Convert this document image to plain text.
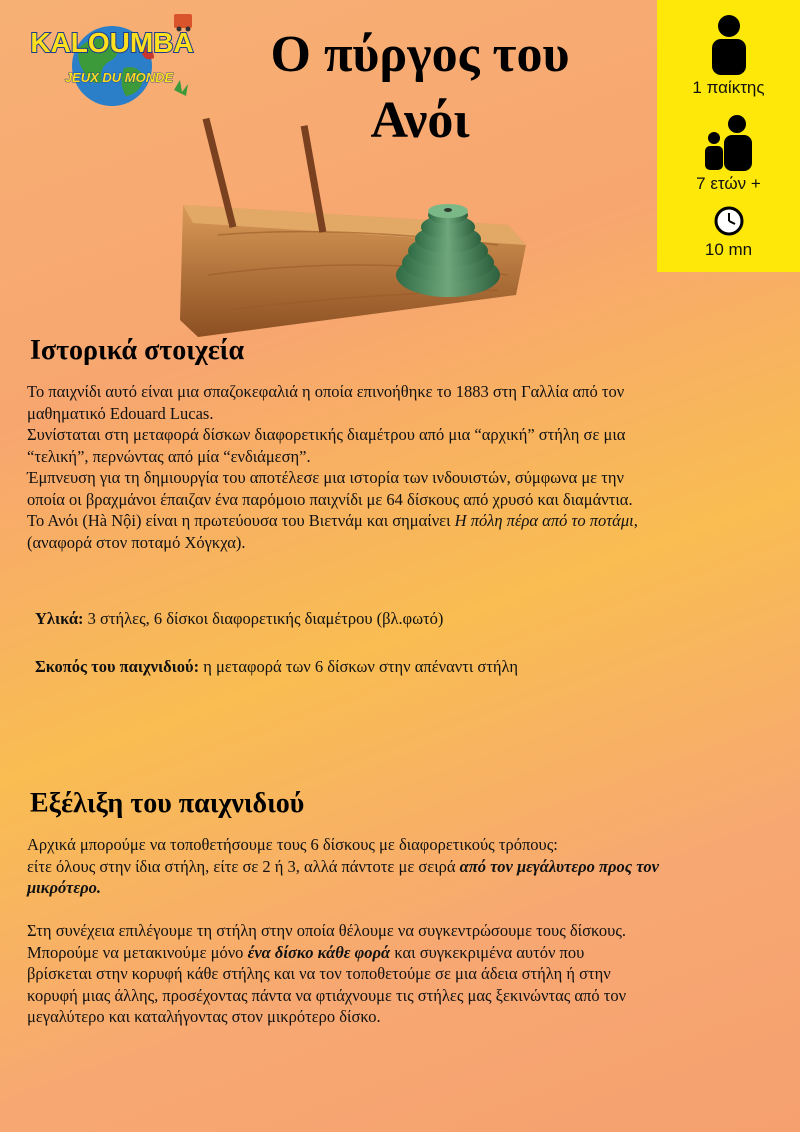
KALOUMBA
JEUX DU MONDE	Ο πύργος του
Ανόι
1 παίκτης
7 ετών +
10 mn
Ιστορικά στοιχεία

Το παιχνίδι αυτό είναι μια σπαζοκεφαλιά η οποία επινοήθηκε το 1883 στη Γαλλία από τον

μαθηματικό Edouard Lucas.

Συνίσταται στη μεταφορά δίσκων διαφορετικής διαμέτρου από μια “αρχική” στήλη σε μια

“τελική”, περνώντας από μία “ενδιάμεση”.

Έμπνευση για τη δημιουργία του αποτέλεσε μια ιστορία των ινδουιστών, σύμφωνα με την

οποία οι βραχμάνοι έπαιζαν ένα παρόμοιο παιχνίδι με 64 δίσκους από χρυσό και διαμάντια.

Το Ανόι (Hà Nội) είναι η πρωτεύουσα του Βιετνάμ και σημαίνει Η πόλη πέρα από το ποτάμι,

(αναφορά στον ποταμό Χόγκχα).

Υλικά: 3 στήλες, 6 δίσκοι διαφορετικής διαμέτρου (βλ.φωτό)
Σκοπός του παιχνιδιού: η μεταφορά των 6 δίσκων στην απέναντι στήλη
Εξέλιξη του παιχνιδιού

Αρχικά μπορούμε να τοποθετήσουμε τους 6 δίσκους με διαφορετικούς τρόπους:

είτε όλους στην ίδια στήλη, είτε σε 2 ή 3, αλλά πάντοτε με σειρά από τον μεγάλυτερο προς τον

μικρότερο.

Στη συνέχεια επιλέγουμε τη στήλη στην οποία θέλουμε να συγκεντρώσουμε τους δίσκους.

Μπορούμε να μετακινούμε μόνο ένα δίσκο κάθε φορά και συγκεκριμένα αυτόν που

βρίσκεται στην κορυφή κάθε στήλης και να τον τοποθετούμε σε μια άδεια στήλη ή στην

κορυφή μιας άλλης, προσέχοντας πάντα να φτιάχνουμε τις στήλες μας ξεκινώντας από τον

μεγαλύτερο και καταλήγοντας στον μικρότερο δίσκο.
